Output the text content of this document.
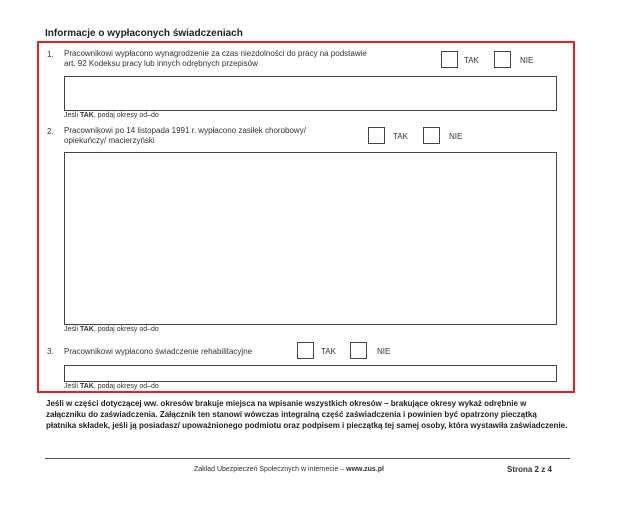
Informacje o wypłaconych świadczeniach
1. Pracownikowi wypłacono wynagrodzenie za czas niezdolności do pracy na podstawie
art. 92 Kodeksu pracy lub innych odrębnych przepisów	TAK	NIE
Jeśli TAK, podaj okresy od–do
2. Pracownikowi po 14 listopada 1991 r. wypłacono zasiłek chorobowy/
opiekuńczy/ macierzyński	TAK	NIE
Jeśli TAK, podaj okresy od–do
3. Pracownikowi wypłacono świadczenie rehabilitacyjne	TAK	NIE
Jeśli TAK, podaj okresy od–do
Jeśli w części dotyczącej ww. okresów brakuje miejsca na wpisanie wszystkich okresów – brakujące okresy wykaż odrębnie w załączniku do zaświadczenia. Załącznik ten stanowi wówczas integralną część zaświadczenia i powinien być opatrzony pieczątką płatnika składek, jeśli ją posiadasz/ upoważnionego podmiotu oraz podpisem i pieczątką tej samej osoby, która wystawiła zaświadczenie.
Zakład Ubezpieczeń Społecznych w internecie – www.zus.pl	Strona 2 z 4
